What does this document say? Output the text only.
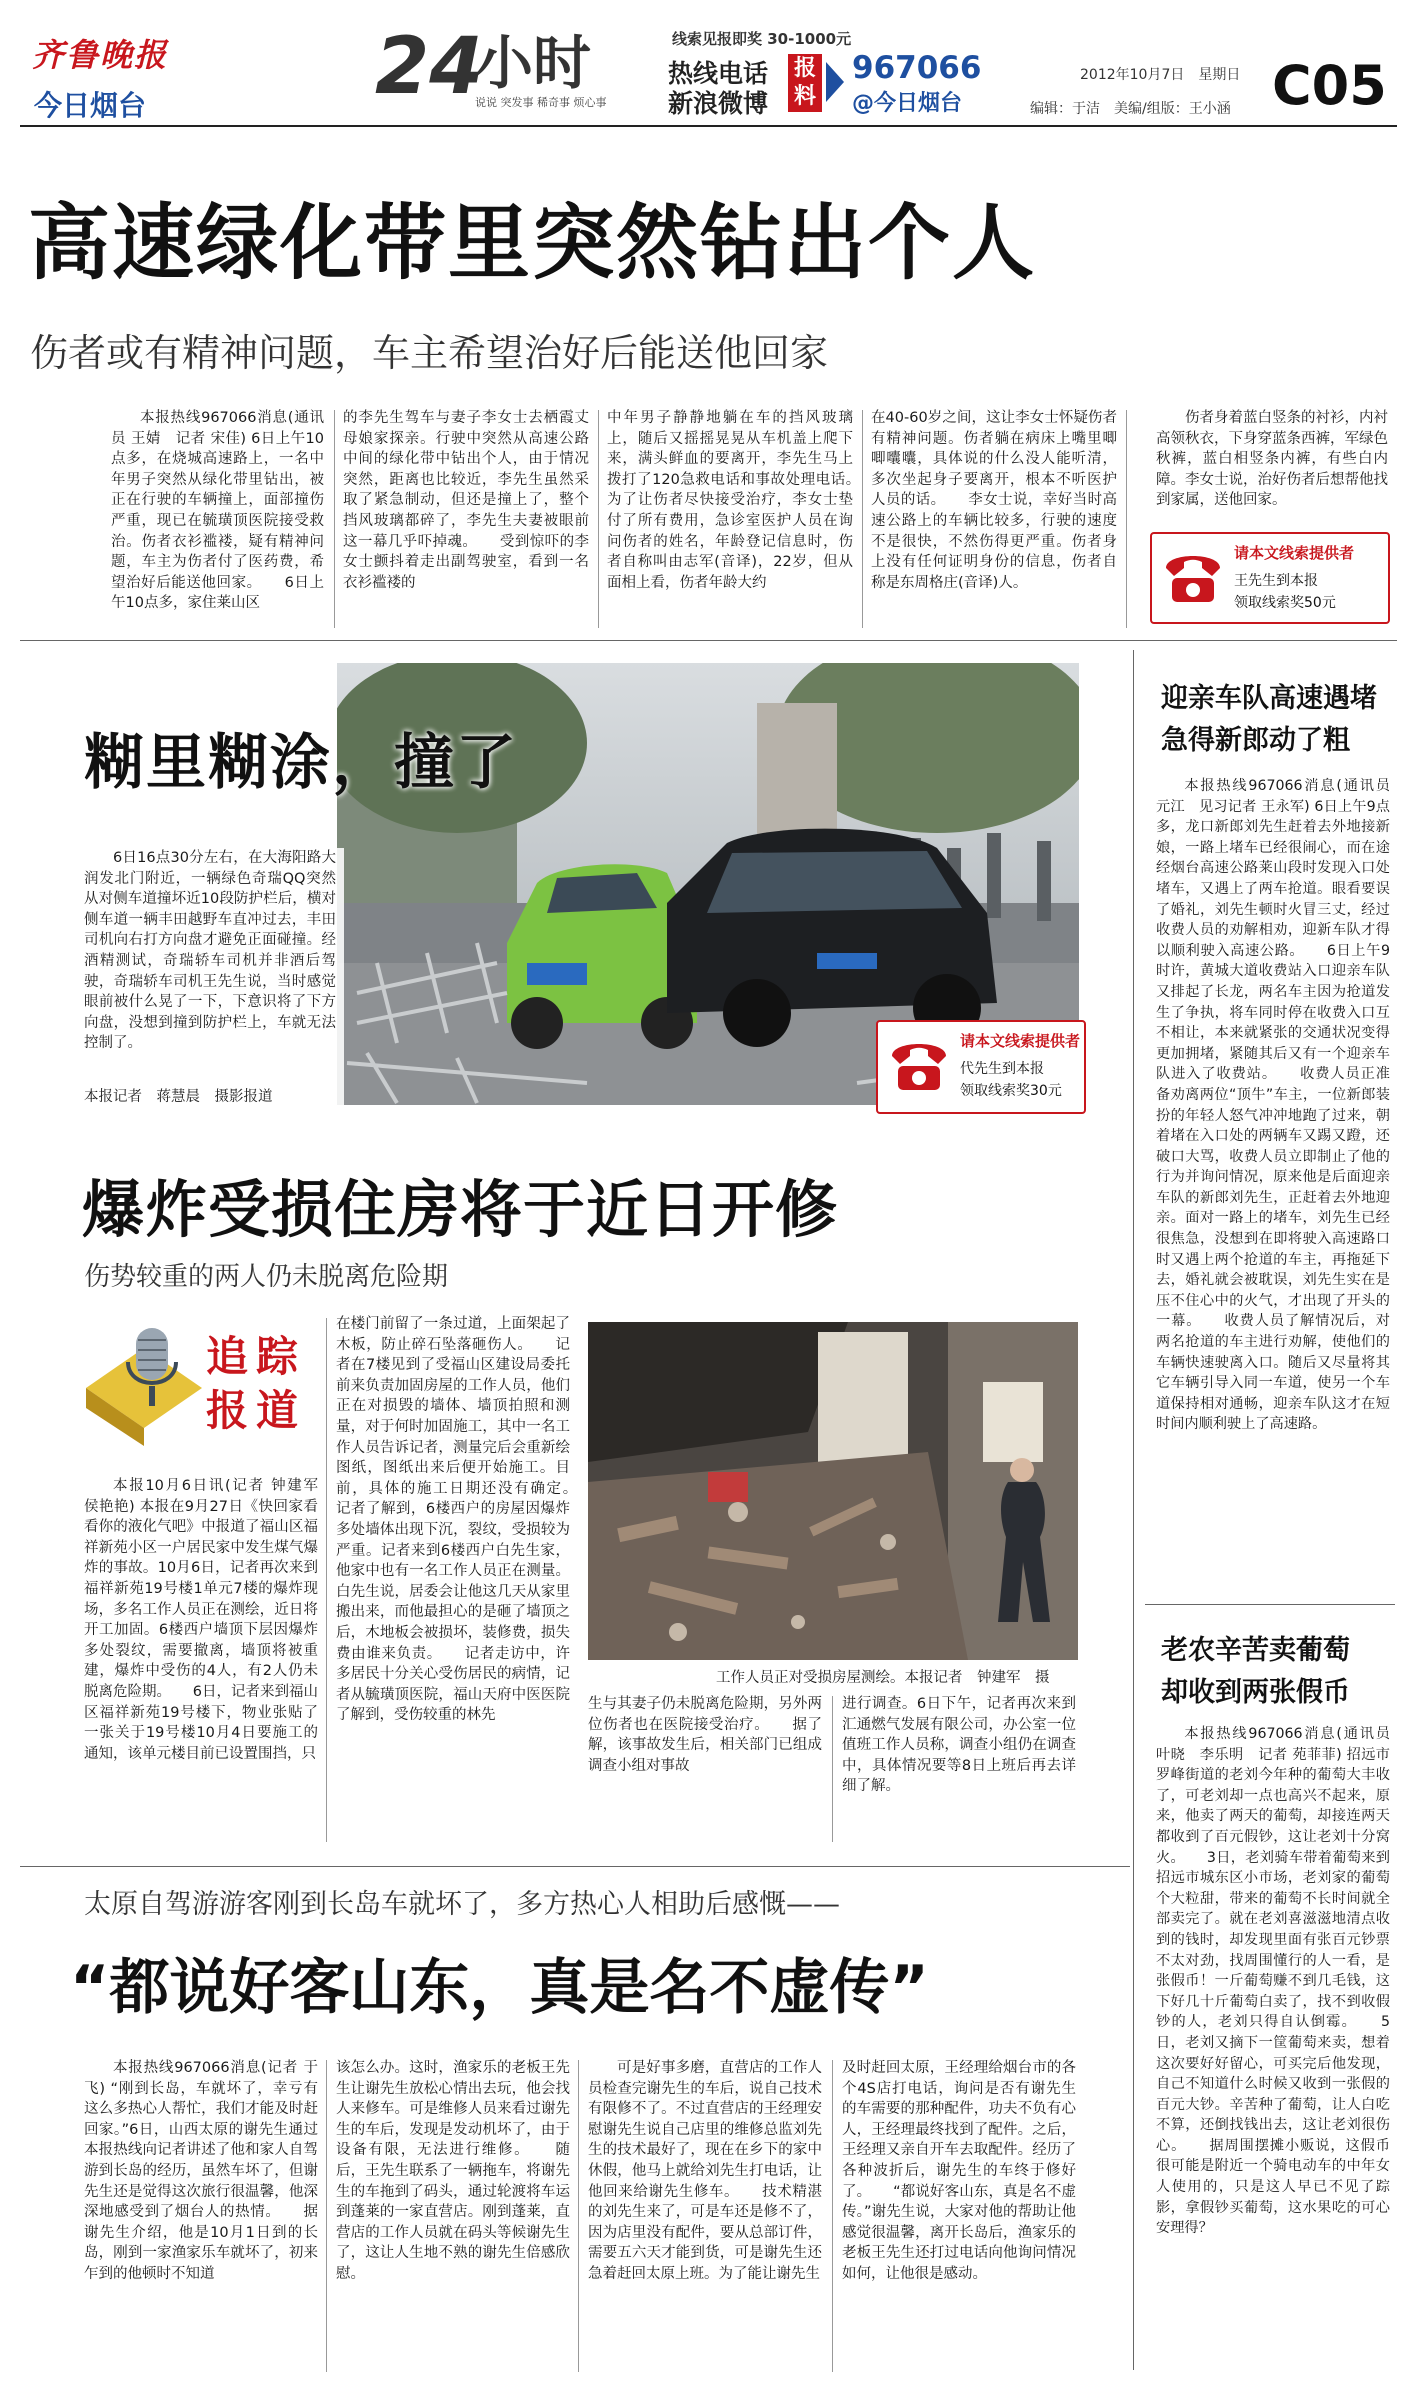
齐鲁晚报
今日烟台	24
小时
说说 突发事 稀奇事 烦心事
线索见报即奖 30-1000元
热线电话
新浪微博
报料
967066
@今日烟台
2012年10月7日　星期日
编辑：于洁　美编/组版：王小涵 C05
高速绿化带里突然钻出个人
伤者或有精神问题，车主希望治好后能送他回家

本报热线967066消息(通讯员 王婧　记者 宋佳) 6日上午10点多，在烧城高速路上，一名中年男子突然从绿化带里钻出，被正在行驶的车辆撞上，面部撞伤严重，现已在毓璜顶医院接受救治。伤者衣衫褴褛，疑有精神问题，车主为伤者付了医药费，希望治好后能送他回家。　　6日上午10点多，家住莱山区

的李先生驾车与妻子李女士去栖霞丈母娘家探亲。行驶中突然从高速公路中间的绿化带中钻出个人，由于情况突然，距离也比较近，李先生虽然采取了紧急制动，但还是撞上了，整个挡风玻璃都碎了，李先生夫妻被眼前这一幕几乎吓掉魂。　　受到惊吓的李女士颤抖着走出副驾驶室，看到一名衣衫褴褛的

中年男子静静地躺在车的挡风玻璃上，随后又摇摇晃晃从车机盖上爬下来，满头鲜血的要离开，李先生马上拨打了120急救电话和事故处理电话。　　为了让伤者尽快接受治疗，李女士垫付了所有费用，急诊室医护人员在询问伤者的姓名，年龄登记信息时，伤者自称叫由志军(音译)，22岁，但从面相上看，伤者年龄大约

在40-60岁之间，这让李女士怀疑伤者有精神问题。伤者躺在病床上嘴里唧唧囔囔，具体说的什么没人能听清，多次坐起身子要离开，根本不听医护人员的话。　　李女士说，幸好当时高速公路上的车辆比较多，行驶的速度不是很快，不然伤得更严重。伤者身上没有任何证明身份的信息，伤者自称是东周格庄(音译)人。

伤者身着蓝白竖条的衬衫，内衬高领秋衣，下身穿蓝条西裤，军绿色秋裤，蓝白相竖条内裤，有些白内障。李女士说，治好伤者后想帮他找到家属，送他回家。

请本文线索提供者
王先生到本报
领取线索奖50元
糊里糊涂，撞了

6日16点30分左右，在大海阳路大润发北门附近，一辆绿色奇瑞QQ突然从对侧车道撞坏近10段防护栏后，横对侧车道一辆丰田越野车直冲过去，丰田司机向右打方向盘才避免正面碰撞。经酒精测试，奇瑞轿车司机并非酒后驾驶，奇瑞轿车司机王先生说，当时感觉眼前被什么晃了一下，下意识将了下方向盘，没想到撞到防护栏上，车就无法控制了。

本报记者　蒋慧晨　摄影报道
请本文线索提供者
代先生到本报
领取线索奖30元
迎亲车队高速遇堵
急得新郎动了粗

本报热线967066消息(通讯员 元江　见习记者 王永军) 6日上午9点多，龙口新郎刘先生赶着去外地接新娘，一路上堵车已经很闹心，而在途经烟台高速公路莱山段时发现入口处堵车，又遇上了两车抢道。眼看要误了婚礼，刘先生顿时火冒三丈，经过收费人员的劝解相劝，迎新车队才得以顺利驶入高速公路。　　6日上午9时许，黄城大道收费站入口迎亲车队又排起了长龙，两名车主因为抢道发生了争执，将车同时停在收费入口互不相让，本来就紧张的交通状况变得更加拥堵，紧随其后又有一个迎亲车队进入了收费站。　　收费人员正准备劝离两位“顶牛”车主，一位新郎装扮的年轻人怒气冲冲地跑了过来，朝着堵在入口处的两辆车又踢又蹬，还破口大骂，收费人员立即制止了他的行为并询问情况，原来他是后面迎亲车队的新郎刘先生，正赶着去外地迎亲。面对一路上的堵车，刘先生已经很焦急，没想到在即将驶入高速路口时又遇上两个抢道的车主，再拖延下去，婚礼就会被耽误，刘先生实在是压不住心中的火气，才出现了开头的一幕。　　收费人员了解情况后，对两名抢道的车主进行劝解，使他们的车辆快速驶离入口。随后又尽量将其它车辆引导入同一车道，使另一个车道保持相对通畅，迎亲车队这才在短时间内顺利驶上了高速路。

老农辛苦卖葡萄
却收到两张假币

本报热线967066消息(通讯员 叶晓　李乐明　记者 苑菲菲) 招远市罗峰街道的老刘今年种的葡萄大丰收了，可老刘却一点也高兴不起来，原来，他卖了两天的葡萄，却接连两天都收到了百元假钞，这让老刘十分窝火。　　3日，老刘骑车带着葡萄来到招远市城东区小市场，老刘家的葡萄个大粒甜，带来的葡萄不长时间就全部卖完了。就在老刘喜滋滋地清点收到的钱时，却发现里面有张百元钞票不太对劲，找周围懂行的人一看，是张假币！一斤葡萄赚不到几毛钱，这下好几十斤葡萄白卖了，找不到收假钞的人，老刘只得自认倒霉。　　5日，老刘又摘下一筐葡萄来卖，想着这次要好好留心，可买完后他发现，自己不知道什么时候又收到一张假的百元大钞。辛苦种了葡萄，让人白吃不算，还倒找钱出去，这让老刘很伤心。　　据周围摆摊小贩说，这假币很可能是附近一个骑电动车的中年女人使用的，只是这人早已不见了踪影，拿假钞买葡萄，这水果吃的可心安理得？

爆炸受损住房将于近日开修
伤势较重的两人仍未脱离危险期
追踪
报道

本报10月6日讯(记者 钟建军　侯艳艳) 本报在9月27日《快回家看看你的液化气吧》中报道了福山区福祥新苑小区一户居民家中发生煤气爆炸的事故。10月6日，记者再次来到福祥新苑19号楼1单元7楼的爆炸现场，多名工作人员正在测绘，近日将开工加固。6楼西户墙顶下层因爆炸多处裂纹，需要撤离，墙顶将被重建，爆炸中受伤的4人，有2人仍未脱离危险期。　　6日，记者来到福山区福祥新苑19号楼下，物业张贴了一张关于19号楼10月4日要施工的通知，该单元楼目前已设置围挡，只

在楼门前留了一条过道，上面架起了木板，防止碎石坠落砸伤人。　　记者在7楼见到了受福山区建设局委托前来负责加固房屋的工作人员，他们正在对损毁的墙体、墙顶拍照和测量，对于何时加固施工，其中一名工作人员告诉记者，测量完后会重新绘图纸，图纸出来后便开始施工。目前，具体的施工日期还没有确定。　　记者了解到，6楼西户的房屋因爆炸多处墙体出现下沉，裂纹，受损较为严重。记者来到6楼西户白先生家，他家中也有一名工作人员正在测量。白先生说，居委会让他这几天从家里搬出来，而他最担心的是砸了墙顶之后，木地板会被损坏，装修费，损失费由谁来负责。　　记者走访中，许多居民十分关心受伤居民的病情，记者从毓璜顶医院，福山天府中医医院了解到，受伤较重的林先

工作人员正对受损房屋测绘。本报记者　钟建军　摄

生与其妻子仍未脱离危险期，另外两位伤者也在医院接受治疗。　　据了解，该事故发生后，相关部门已组成调查小组对事故

进行调查。6日下午，记者再次来到汇通燃气发展有限公司，办公室一位值班工作人员称，调查小组仍在调查中，具体情况要等8日上班后再去详细了解。

太原自驾游游客刚到长岛车就坏了，多方热心人相助后感慨——
“都说好客山东，真是名不虚传”

本报热线967066消息(记者 于飞) “刚到长岛，车就坏了，幸亏有这么多热心人帮忙，我们才能及时赶回家。”6日，山西太原的谢先生通过本报热线向记者讲述了他和家人自驾游到长岛的经历，虽然车坏了，但谢先生还是觉得这次旅行很温馨，他深深地感受到了烟台人的热情。　　据谢先生介绍，他是10月1日到的长岛，刚到一家渔家乐车就坏了，初来乍到的他顿时不知道

该怎么办。这时，渔家乐的老板王先生让谢先生放松心情出去玩，他会找人来修车。可是维修人员来看过谢先生的车后，发现是发动机坏了，由于设备有限，无法进行维修。　　随后，王先生联系了一辆拖车，将谢先生的车拖到了码头，通过轮渡将车运到蓬莱的一家直营店。刚到蓬莱，直营店的工作人员就在码头等候谢先生了，这让人生地不熟的谢先生倍感欣慰。

可是好事多磨，直营店的工作人员检查完谢先生的车后，说自己技术有限修不了。不过直营店的王经理安慰谢先生说自己店里的维修总监刘先生的技术最好了，现在在乡下的家中休假，他马上就给刘先生打电话，让他回来给谢先生修车。　　技术精湛的刘先生来了，可是车还是修不了，因为店里没有配件，要从总部订件，需要五六天才能到货，可是谢先生还急着赶回太原上班。为了能让谢先生

及时赶回太原，王经理给烟台市的各个4S店打电话，询问是否有谢先生的车需要的那种配件，功夫不负有心人，王经理最终找到了配件。之后，王经理又亲自开车去取配件。经历了各种波折后，谢先生的车终于修好了。　　“都说好客山东，真是名不虚传。”谢先生说，大家对他的帮助让他感觉很温馨，离开长岛后，渔家乐的老板王先生还打过电话向他询问情况如何，让他很是感动。
